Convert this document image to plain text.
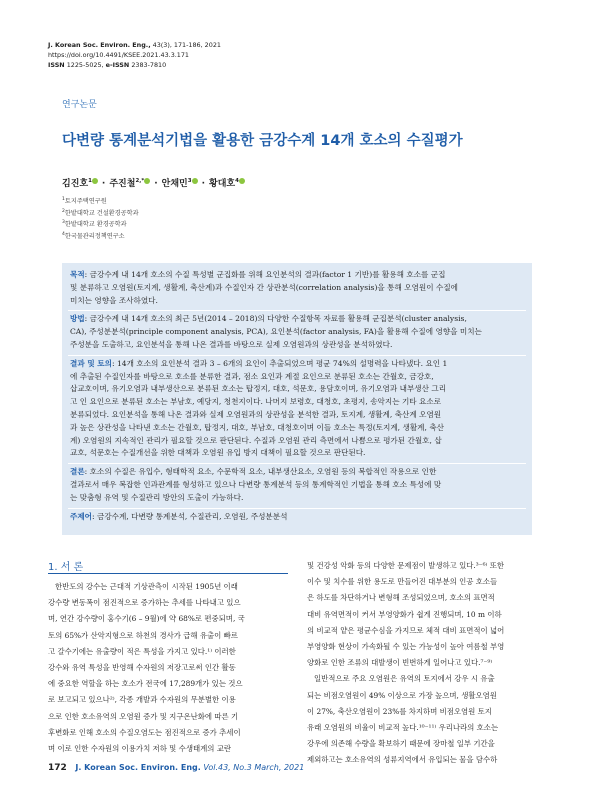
J. Korean Soc. Environ. Eng., 43(3), 171-186, 2021
https://doi.org/10.4491/KSEE.2021.43.3.171
ISSN 1225-5025, e-ISSN 2383-7810
연구논문
다변량 통계분석기법을 활용한 금강수계 14개 호소의 수질평가
김진호$^1$ · 주진철$^{2,*}$ · 안채민$^3$ · 황대호$^4$
$^1$토지주택연구원
$^2$한밭대학교 건설환경공학과
$^3$한밭대학교 환경공학과
$^4$한국물관리정책연구소
목적: 금강수계 내 14개 호소의 수질 특성별 군집화를 위해 요인분석의 결과(factor 1 기반)를 활용해 호소를 군집
및 분류하고 오염원(토지계, 생활계, 축산계)과 수질인자 간 상관분석(correlation analysis)을 통해 오염원이 수질에
미치는 영향을 조사하였다.
방법: 금강수계 내 14개 호소의 최근 5년(2014 – 2018)의 다양한 수질항목 자료를 활용해 군집분석(cluster analysis,
CA), 주성분분석(principle component analysis, PCA), 요인분석(factor analysis, FA)을 활용해 수질에 영향을 미치는
주성분을 도출하고, 요인분석을 통해 나온 결과를 바탕으로 실제 오염원과의 상관성을 분석하였다.
결과 및 토의: 14개 호소의 요인분석 결과 3 – 6개의 요인이 추출되었으며 평균 74%의 설명력을 나타냈다. 요인 1
에 추출된 수질인자를 바탕으로 호소를 분류한 결과, 점소 요인과 계절 요인으로 분류된 호소는 간월호, 금강호,
삽교호이며, 유기오염과 내부생산으로 분류된 호소는 탑정지, 대호, 석문호, 용담호이며, 유기오염과 내부생산 그리
고 인 요인으로 분류된 호소는 부남호, 예당지, 청천지이다. 나머지 보령호, 대청호, 초평지, 송악지는 기타 요소로
분류되었다. 요인분석을 통해 나온 결과와 실제 오염원과의 상관성을 분석한 결과, 토지계, 생활계, 축산계 오염원
과 높은 상관성을 나타낸 호소는 간월호, 탑정지, 대호, 부남호, 대청호이며 이들 호소는 특정(토지계, 생활계, 축산
계) 오염원의 지속적인 관리가 필요할 것으로 판단된다. 수질과 오염원 관리 측면에서 나쁨으로 평가된 간월호, 삽
교호, 석문호는 수질개선을 위한 대책과 오염원 유입 방지 대책이 필요할 것으로 판단된다.
결론: 호소의 수질은 유입수, 형태학적 요소, 수문학적 요소, 내부생산요소, 오염원 등의 복합적인 작용으로 인한
결과로서 매우 복잡한 인과관계를 형성하고 있으나 다변량 통계분석 등의 통계학적인 기법을 통해 호소 특성에 맞
는 맞춤형 유역 및 수질관리 방안의 도출이 가능하다.
주제어: 금강수계, 다변량 통계분석, 수질관리, 오염원, 주성분분석
1. 서 론
한반도의 강수는 근대적 기상관측이 시작된 1905년 이래
강수량 변동폭이 점진적으로 증가하는 추세를 나타내고 있으
며, 연간 강수량이 홍수기(6 – 9월)에 약 68%로 편중되며, 국
토의 65%가 산악지형으로 하천의 경사가 급해 유출이 빠르
고 갈수기에는 유출량이 적은 특성을 가지고 있다.¹⁾ 이러한
강수와 유역 특성을 반영해 수자원의 저장고로써 인간 활동
에 중요한 역할을 하는 호소가 전국에 17,289개가 있는 것으
로 보고되고 있으나²⁾, 각종 개발과 수자원의 무분별한 이용
으로 인한 호소유역의 오염원 증가 및 지구온난화에 따른 기
후변화로 인해 호소의 수질오염도는 점진적으로 증가 추세이
며 이로 인한 수자원의 이용가치 저하 및 수생태계의 교란
및 건강성 악화 등의 다양한 문제점이 발생하고 있다.³⁻⁶⁾ 또한
이수 및 치수를 위한 용도로 만들어진 대부분의 인공 호소들
은 하도를 차단하거나 변형해 조성되었으며, 호소의 표면적
대비 유역면적이 커서 부영양화가 쉽게 진행되며, 10 m 이하
의 비교적 얕은 평균수심을 가지므로 체적 대비 표면적이 넓어
부영양화 현상이 가속화될 수 있는 가능성이 높아 여름철 부영
양화로 인한 조류의 대발생이 빈번하게 일어나고 있다.⁷⁻⁹⁾
일반적으로 주요 오염원은 유역의 토지에서 강우 시 유출
되는 비점오염원이 49% 이상으로 가장 높으며, 생활오염원
이 27%, 축산오염원이 23%를 차지하며 비점오염원 토지
유래 오염원의 비율이 비교적 높다.¹⁰⁻¹¹⁾ 우리나라의 호소는
강우에 의존해 수량을 확보하기 때문에 장마철 일부 기간을
제외하고는 호소유역의 성류지역에서 유입되는 물을 담수하
172 J. Korean Soc. Environ. Eng. Vol.43, No.3 March, 2021
